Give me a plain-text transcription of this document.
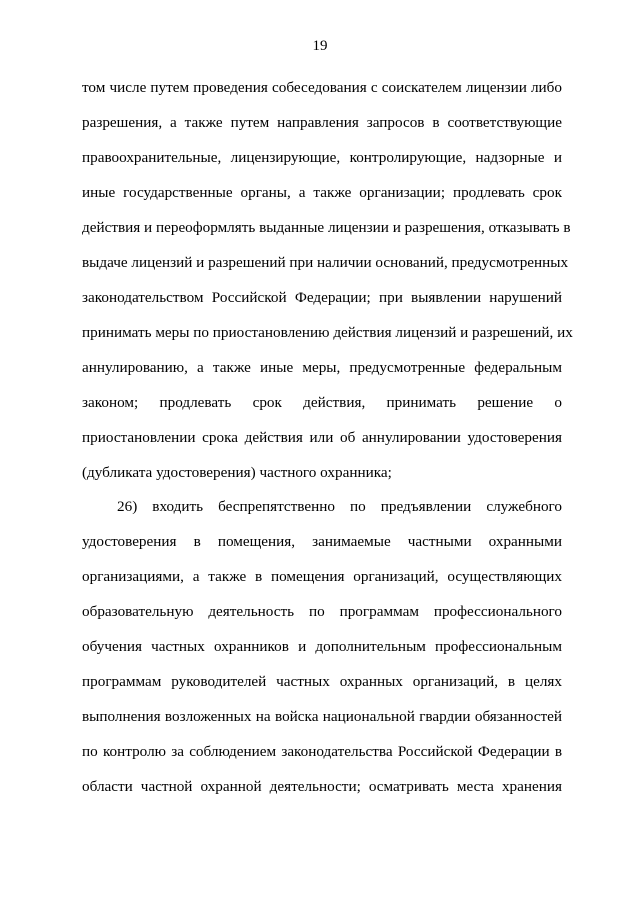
19
том числе путем проведения собеседования с соискателем лицензии либо
разрешения, а также путем направления запросов в соответствующие
правоохранительные, лицензирующие, контролирующие, надзорные и
иные государственные органы, а также организации; продлевать срок
действия и переоформлять выданные лицензии и разрешения, отказывать в
выдаче лицензий и разрешений при наличии оснований, предусмотренных
законодательством Российской Федерации; при выявлении нарушений
принимать меры по приостановлению действия лицензий и разрешений, их
аннулированию, а также иные меры, предусмотренные федеральным
законом; продлевать срок действия, принимать решение о
приостановлении срока действия или об аннулировании удостоверения
(дубликата удостоверения) частного охранника;
26) входить беспрепятственно по предъявлении служебного
удостоверения в помещения, занимаемые частными охранными
организациями, а также в помещения организаций, осуществляющих
образовательную деятельность по программам профессионального
обучения частных охранников и дополнительным профессиональным
программам руководителей частных охранных организаций, в целях
выполнения возложенных на войска национальной гвардии обязанностей
по контролю за соблюдением законодательства Российской Федерации в
области частной охранной деятельности; осматривать места хранения
